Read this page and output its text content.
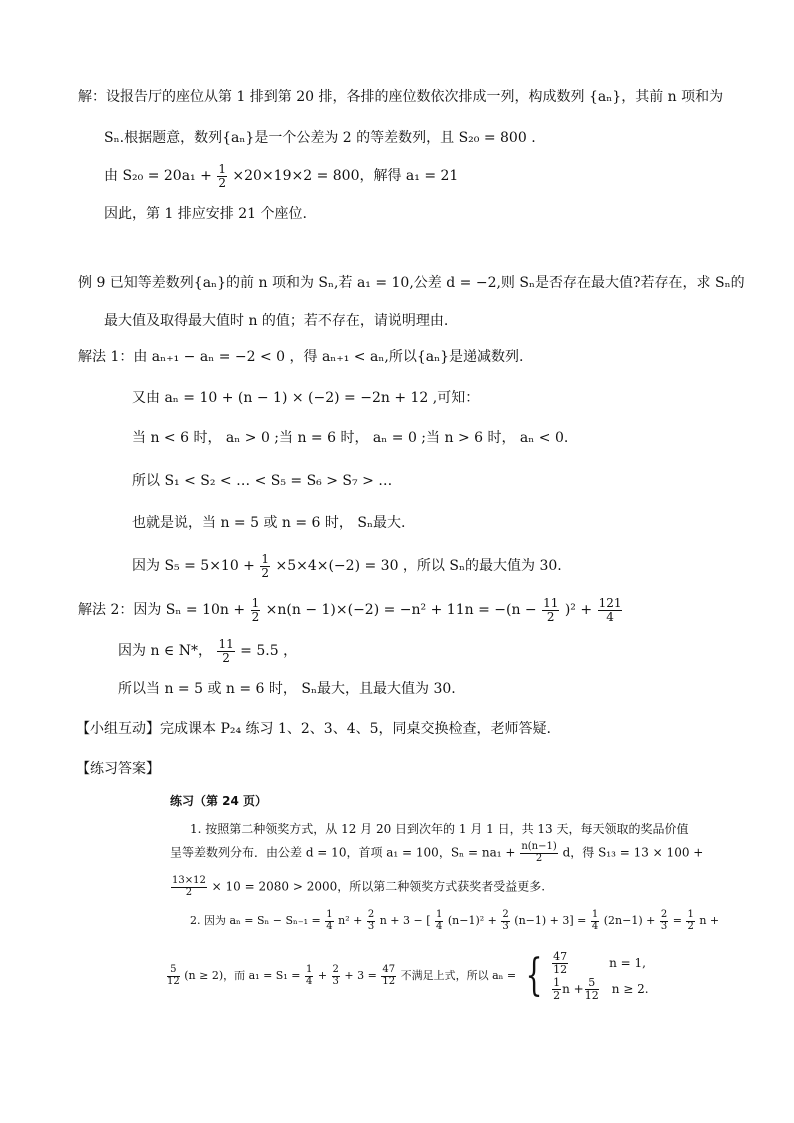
解：设报告厅的座位从第 1 排到第 20 排，各排的座位数依次排成一列，构成数列 {aₙ}，其前 n 项和为
Sₙ.根据题意，数列{aₙ}是一个公差为 2 的等差数列，且 S₂₀ = 800 .
由 $S_{20} = 20a_1 + \frac{1}{2} \times 20\times 19\times 2 = 800$，解得 a₁ = 21
因此，第 1 排应安排 21 个座位.
例 9 已知等差数列{aₙ}的前 n 项和为 Sₙ,若 a₁ = 10,公差 d = −2,则 Sₙ是否存在最大值?若存在，求 Sₙ的
最大值及取得最大值时 n 的值；若不存在，请说明理由.
解法 1：由 aₙ₊₁ − aₙ = −2 < 0 ，得 aₙ₊₁ < aₙ,所以{aₙ}是递减数列.
又由 aₙ = 10 + (n − 1) × (−2) = −2n + 12 ,可知：
当 n < 6 时， aₙ > 0 ;当 n = 6 时， aₙ = 0 ;当 n > 6 时， aₙ < 0.
所以 S₁ < S₂ < … < S₅ = S₆ > S₇ > …
也就是说，当 n = 5 或 n = 6 时， Sₙ最大.
因为 $S_5 = 5\times 10 + \frac{1}{2} \times 5\times 4\times(-2) = 30$ ，所以 Sₙ的最大值为 30.
解法 2：因为 $S_n = 10n + \frac{1}{2} \times n(n - 1)\times(-2) = -n^2 + 11n = -(n - \frac{11}{2} )^2 + \frac{121}{4}$
因为 n ∈ N*， $\frac{11}{2} = 5.5$ ，
所以当 n = 5 或 n = 6 时， Sₙ最大，且最大值为 30.
【小组互动】完成课本 P₂₄ 练习 1、2、3、4、5，同桌交换检查，老师答疑.
【练习答案】
练习（第 24 页）
1. 按照第二种领奖方式，从 12 月 20 日到次年的 1 月 1 日，共 13 天，每天领取的奖品价值
呈等差数列分布．由公差 d = 10，首项 a₁ = 100，$S_n = na_1 + \frac{n(n-1)}{2}$ d，得 S₁₃ = 13 × 100 +
$\frac{13\times 12}{2} \times 10 = 2080 > 2000$，所以第二种领奖方式获奖者受益更多.
2. 因为 $a_n = S_n - S_{n-1} = \frac{1}{4} n^2 + \frac{2}{3}$ n + 3 − [ $\frac{1}{4} (n-1)^2 + \frac{2}{3} (n-1) + 3] = \frac{1}{4} (2n-1) + \frac{2}{3} = \frac{1}{2}$ n +
$\frac{5}{12} (n \ge 2)$，而 $a_1 = S_1 = \frac{1}{4} + \frac{2}{3} + 3 = \frac{47}{12}$ 不满足上式，所以 aₙ = { $\frac{47}{12}$	n = 1,
$\frac{1}{2}$ $n + \frac{5}{12}$ n ≥ 2.
